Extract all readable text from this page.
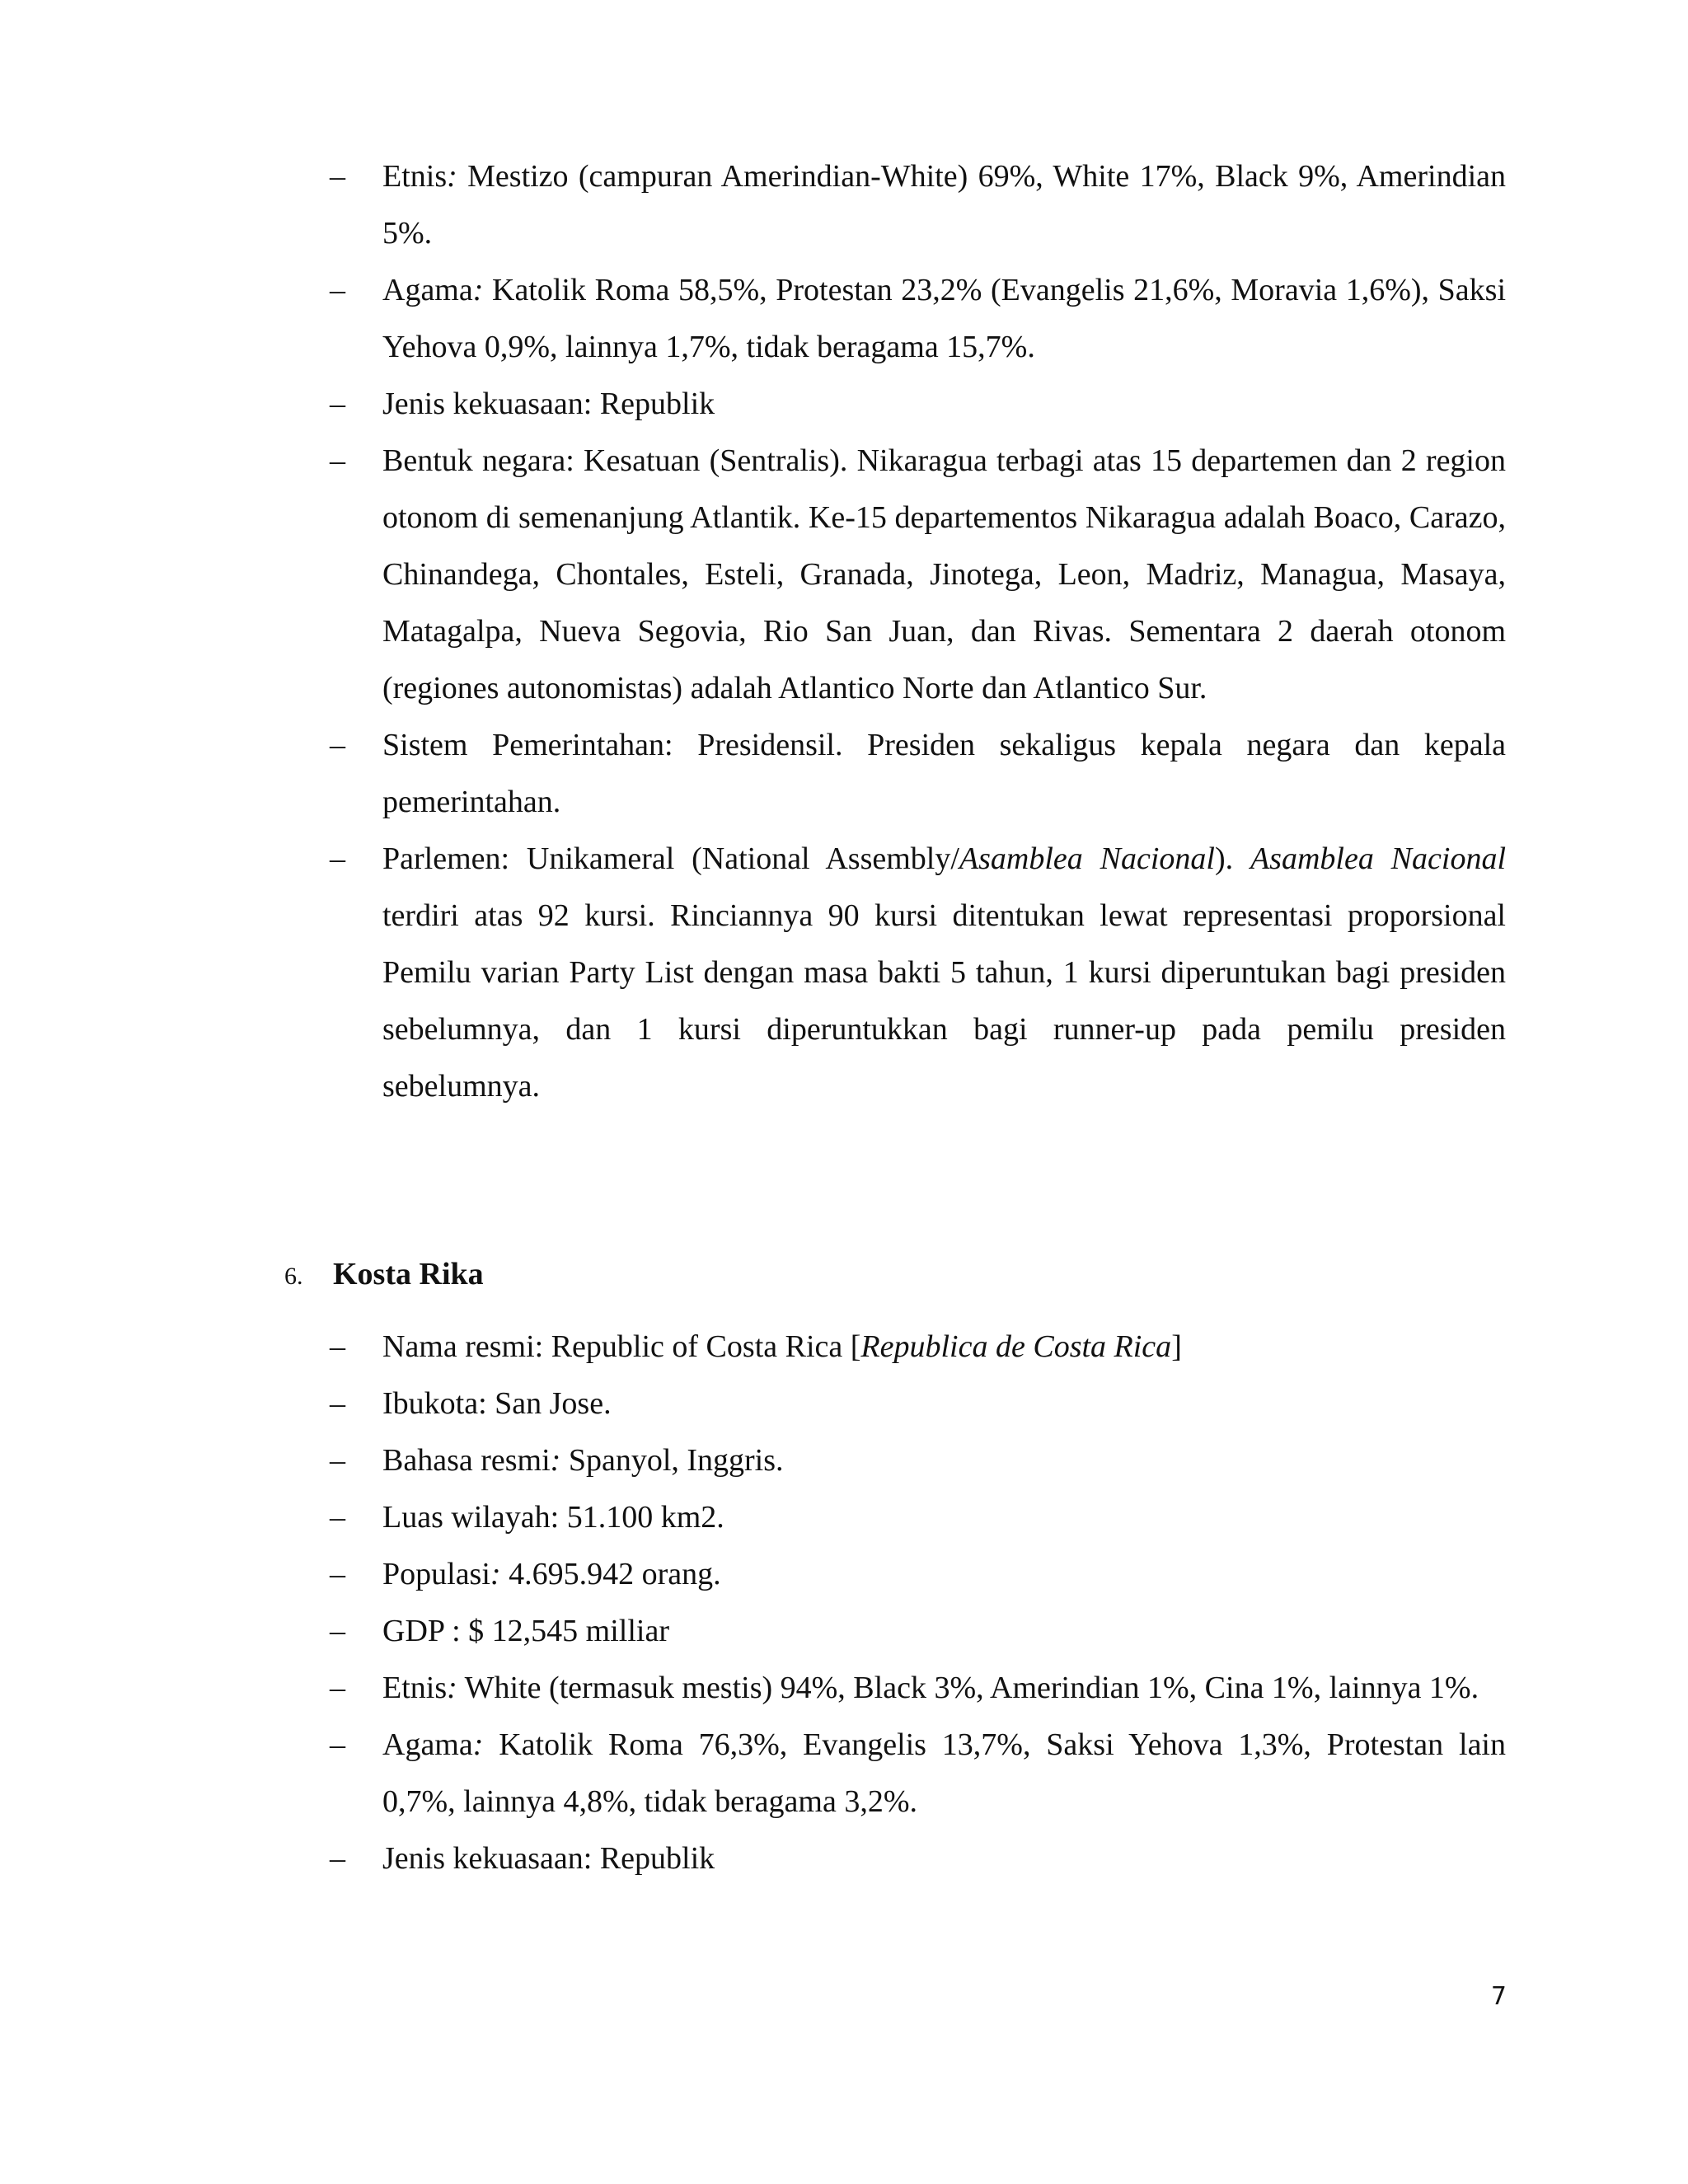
–	Etnis: Mestizo (campuran Amerindian-White) 69%, White 17%, Black 9%, Amerindian 5%.
–	Agama: Katolik Roma 58,5%, Protestan 23,2% (Evangelis 21,6%, Moravia 1,6%), Saksi Yehova 0,9%, lainnya 1,7%, tidak beragama 15,7%.
–	Jenis kekuasaan: Republik
–	Bentuk negara: Kesatuan (Sentralis). Nikaragua terbagi atas 15 departemen dan 2 region otonom di semenanjung Atlantik. Ke-15 departementos Nikaragua adalah Boaco, Carazo, Chinandega, Chontales, Esteli, Granada, Jinotega, Leon, Madriz, Managua, Masaya, Matagalpa, Nueva Segovia, Rio San Juan, dan Rivas. Sementara 2 daerah otonom (regiones autonomistas) adalah Atlantico Norte dan Atlantico Sur.
–	Sistem Pemerintahan: Presidensil. Presiden sekaligus kepala negara dan kepala pemerintahan.
–	Parlemen: Unikameral (National Assembly/Asamblea Nacional). Asamblea Nacional terdiri atas 92 kursi. Rinciannya 90 kursi ditentukan lewat representasi proporsional Pemilu varian Party List dengan masa bakti 5 tahun, 1 kursi diperuntukan bagi presiden sebelumnya, dan 1 kursi diperuntukkan bagi runner-up pada pemilu presiden sebelumnya.
6. Kosta Rika
–	Nama resmi: Republic of Costa Rica [Republica de Costa Rica]
–	Ibukota: San Jose.
–	Bahasa resmi: Spanyol, Inggris.
–	Luas wilayah: 51.100 km2.
–	Populasi: 4.695.942 orang.
–	GDP : $ 12,545 milliar
–	Etnis: White (termasuk mestis) 94%, Black 3%, Amerindian 1%, Cina 1%, lainnya 1%.
–	Agama: Katolik Roma 76,3%, Evangelis 13,7%, Saksi Yehova 1,3%, Protestan lain 0,7%, lainnya 4,8%, tidak beragama 3,2%.
–	Jenis kekuasaan: Republik
7
